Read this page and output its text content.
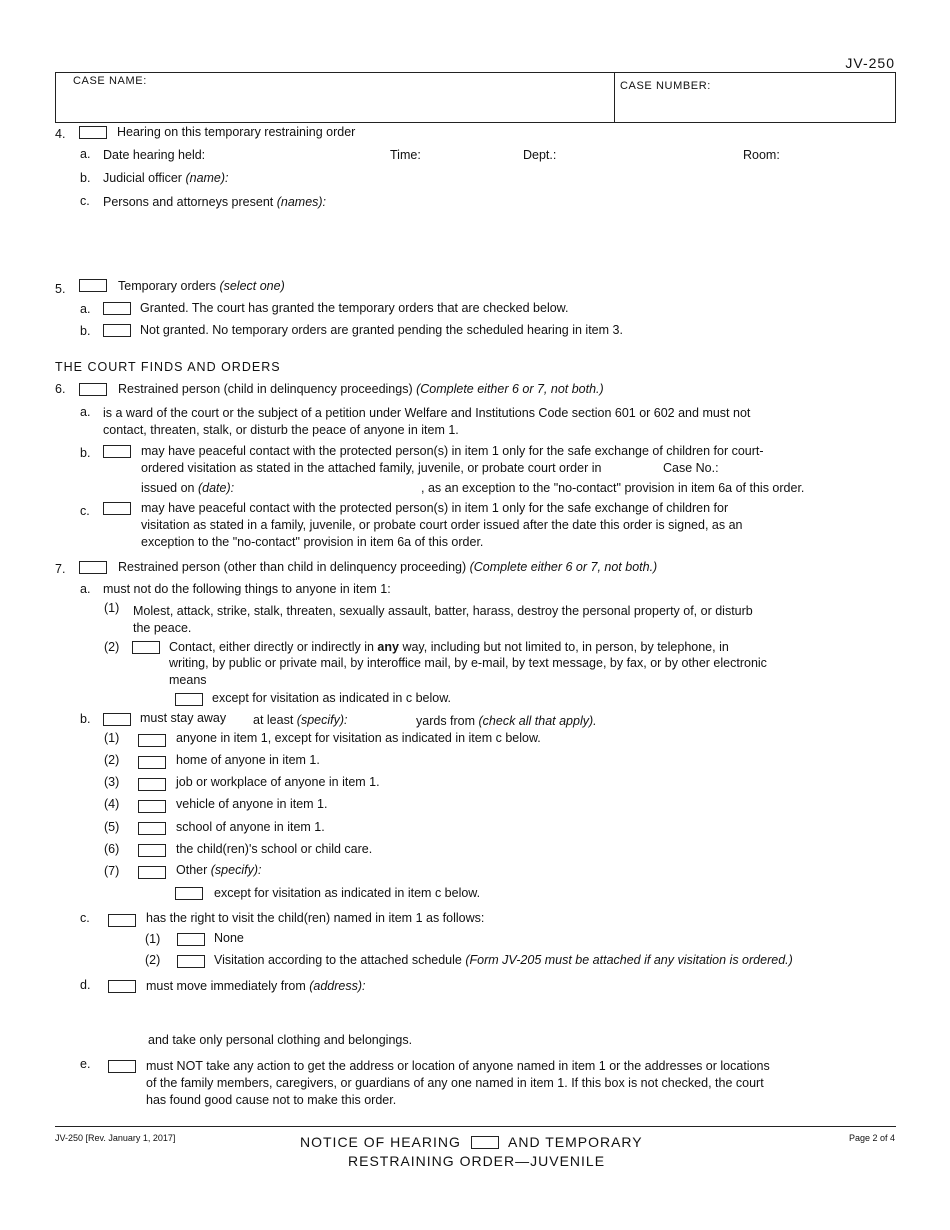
JV-250
CASE NAME:	CASE NUMBER:
4.	Hearing on this temporary restraining order
a. Date hearing held:	Time:	Dept.:	Room:
b. Judicial officer (name):
c. Persons and attorneys present (names):
5.	Temporary orders (select one)
a.	Granted. The court has granted the temporary orders that are checked below.
b.	Not granted. No temporary orders are granted pending the scheduled hearing in item 3.
THE COURT FINDS AND ORDERS
6.	Restrained person (child in delinquency proceedings) (Complete either 6 or 7, not both.)
a. is a ward of the court or the subject of a petition under Welfare and Institutions Code section 601 or 602 and must not
contact, threaten, stalk, or disturb the peace of anyone in item 1.
b.	may have peaceful contact with the protected person(s) in item 1 only for the safe exchange of children for court-
ordered visitation as stated in the attached family, juvenile, or probate court order in	Case No.:
issued on (date):	, as an exception to the "no-contact" provision in item 6a of this order.
c.	may have peaceful contact with the protected person(s) in item 1 only for the safe exchange of children for
visitation as stated in a family, juvenile, or probate court order issued after the date this order is signed, as an
exception to the "no-contact" provision in item 6a of this order.
7.	Restrained person (other than child in delinquency proceeding) (Complete either 6 or 7, not both.)
a. must not do the following things to anyone in item 1:
(1) Molest, attack, strike, stalk, threaten, sexually assault, batter, harass, destroy the personal property of, or disturb
the peace.
(2)	Contact, either directly or indirectly in any way, including but not limited to, in person, by telephone, in
writing, by public or private mail, by interoffice mail, by e-mail, by text message, by fax, or by other electronic
means
except for visitation as indicated in c below.
b.	must stay away at least (specify):	yards from (check all that apply).
(1)	anyone in item 1, except for visitation as indicated in item c below.
(2)	home of anyone in item 1.
(3)	job or workplace of anyone in item 1.
(4)	vehicle of anyone in item 1.
(5)	school of anyone in item 1.
(6)	the child(ren)'s school or child care.
(7)	Other (specify):
except for visitation as indicated in item c below.
c.	has the right to visit the child(ren) named in item 1 as follows:
(1)	None
(2)	Visitation according to the attached schedule (Form JV-205 must be attached if any visitation is ordered.)
d.	must move immediately from (address):
and take only personal clothing and belongings.
e.	must NOT take any action to get the address or location of anyone named in item 1 or the addresses or locations
of the family members, caregivers, or guardians of any one named in item 1. If this box is not checked, the court
has found good cause not to make this order.
JV-250 [Rev. January 1, 2017]	NOTICE OF HEARING	AND TEMPORARY
RESTRAINING ORDER—JUVENILE
Page 2 of 4
